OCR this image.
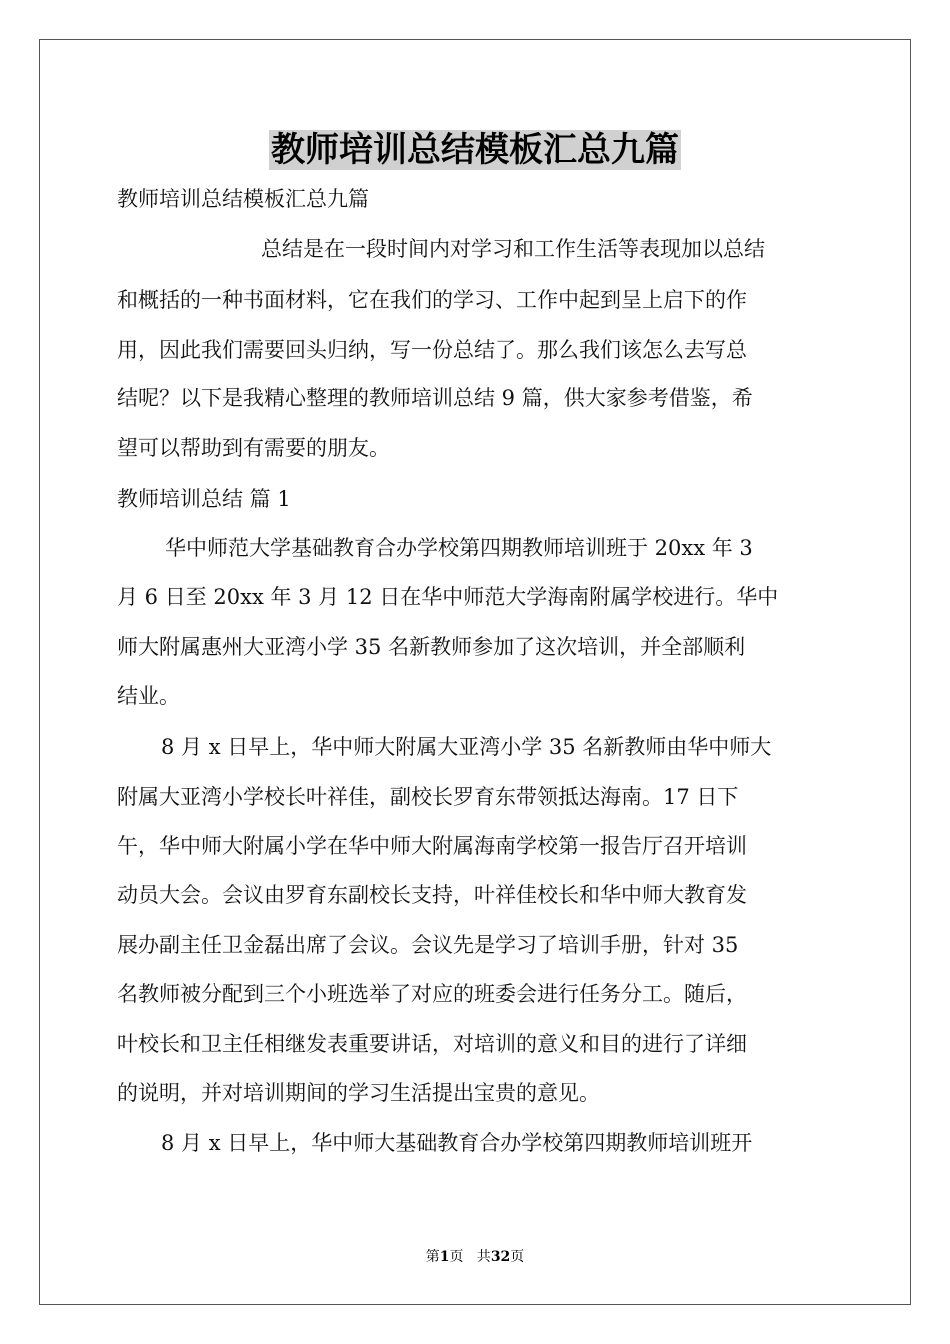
教师培训总结模板汇总九篇
教师培训总结模板汇总九篇
总结是在一段时间内对学习和工作生活等表现加以总结
和概括的一种书面材料，它在我们的学习、工作中起到呈上启下的作
用，因此我们需要回头归纳，写一份总结了。那么我们该怎么去写总
结呢？以下是我精心整理的教师培训总结 9 篇，供大家参考借鉴，希
望可以帮助到有需要的朋友。
教师培训总结 篇 1
华中师范大学基础教育合办学校第四期教师培训班于 20xx 年 3
月 6 日至 20xx 年 3 月 12 日在华中师范大学海南附属学校进行。华中
师大附属惠州大亚湾小学 35 名新教师参加了这次培训，并全部顺利
结业。
8 月 x 日早上，华中师大附属大亚湾小学 35 名新教师由华中师大
附属大亚湾小学校长叶祥佳，副校长罗育东带领抵达海南。17 日下
午，华中师大附属小学在华中师大附属海南学校第一报告厅召开培训
动员大会。会议由罗育东副校长支持，叶祥佳校长和华中师大教育发
展办副主任卫金磊出席了会议。会议先是学习了培训手册，针对 35
名教师被分配到三个小班选举了对应的班委会进行任务分工。随后，
叶校长和卫主任相继发表重要讲话，对培训的意义和目的进行了详细
的说明，并对培训期间的学习生活提出宝贵的意见。
8 月 x 日早上，华中师大基础教育合办学校第四期教师培训班开
第1页   共32页
